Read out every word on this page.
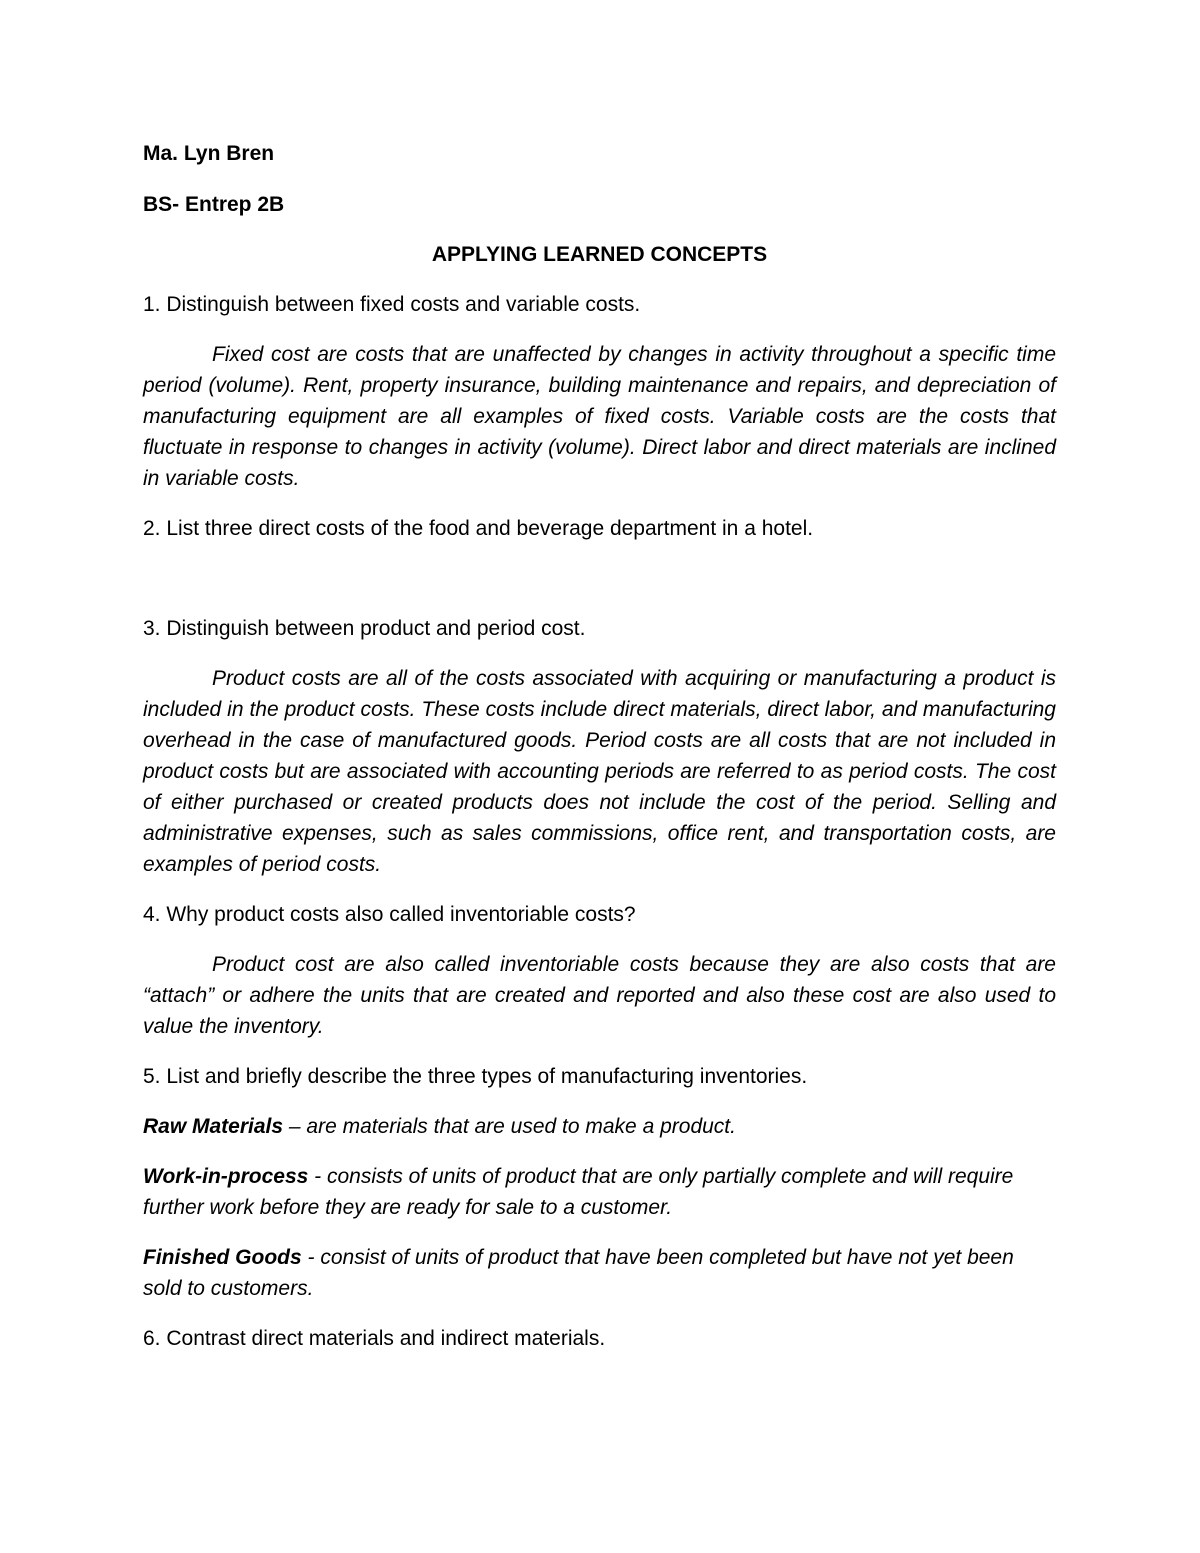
Ma. Lyn Bren

BS- Entrep 2B

APPLYING LEARNED CONCEPTS

1. Distinguish between fixed costs and variable costs.

Fixed cost are costs that are unaffected by changes in activity throughout a specific time period (volume). Rent, property insurance, building maintenance and repairs, and depreciation of manufacturing equipment are all examples of fixed costs. Variable costs are the costs that fluctuate in response to changes in activity (volume). Direct labor and direct materials are inclined in variable costs.

2. List three direct costs of the food and beverage department in a hotel.

3. Distinguish between product and period cost.

Product costs are all of the costs associated with acquiring or manufacturing a product is included in the product costs. These costs include direct materials, direct labor, and manufacturing overhead in the case of manufactured goods. Period costs are all costs that are not included in product costs but are associated with accounting periods are referred to as period costs. The cost of either purchased or created products does not include the cost of the period. Selling and administrative expenses, such as sales commissions, office rent, and transportation costs, are examples of period costs.

4. Why product costs also called inventoriable costs?

Product cost are also called inventoriable costs because they are also costs that are “attach” or adhere the units that are created and reported and also these cost are also used to value the inventory.

5. List and briefly describe the three types of manufacturing inventories.

Raw Materials – are materials that are used to make a product.

Work-in-process - consists of units of product that are only partially complete and will require further work before they are ready for sale to a customer.

Finished Goods - consist of units of product that have been completed but have not yet been sold to customers.

6. Contrast direct materials and indirect materials.
